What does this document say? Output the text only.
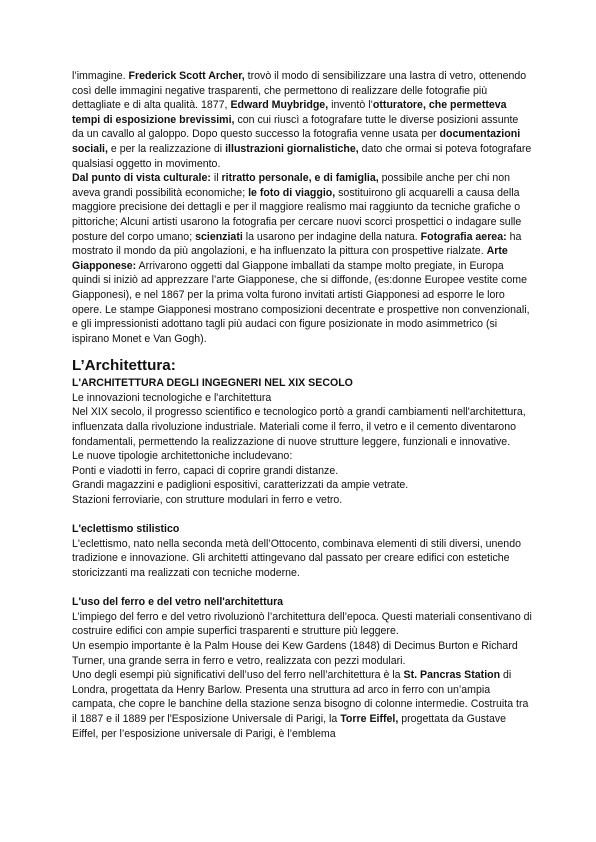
l’immagine. Frederick Scott Archer, trovò il modo di sensibilizzare una lastra di vetro, ottenendo così delle immagini negative trasparenti, che permettono di realizzare delle fotografie più dettagliate e di alta qualità. 1877, Edward Muybridge, inventò l’otturatore, che permetteva tempi di esposizione brevissimi, con cui riuscì a fotografare tutte le diverse posizioni assunte da un cavallo al galoppo. Dopo questo successo la fotografia venne usata per documentazioni sociali, e per la realizzazione di illustrazioni giornalistiche, dato che ormai si poteva fotografare qualsiasi oggetto in movimento.

Dal punto di vista culturale: il ritratto personale, e di famiglia, possibile anche per chi non aveva grandi possibilità economiche; le foto di viaggio, sostituirono gli acquarelli a causa della maggiore precisione dei dettagli e per il maggiore realismo mai raggiunto da tecniche grafiche o pittoriche; Alcuni artisti usarono la fotografia per cercare nuovi scorci prospettici o indagare sulle posture del corpo umano; scienziati la usarono per indagine della natura. Fotografia aerea: ha mostrato il mondo da più angolazioni, e ha influenzato la pittura con prospettive rialzate. Arte Giapponese: Arrivarono oggetti dal Giappone imballati da stampe molto pregiate, in Europa quindi si iniziò ad apprezzare l’arte Giapponese, che si diffonde, (es:donne Europee vestite come Giapponesi), e nel 1867 per la prima volta furono invitati artisti Giapponesi ad esporre le loro opere. Le stampe Giapponesi mostrano composizioni decentrate e prospettive non convenzionali, e gli impressionisti adottano tagli più audaci con figure posizionate in modo asimmetrico (si ispirano Monet e Van Gogh).

L’Architettura:
L'ARCHITETTURA DEGLI INGEGNERI NEL XIX SECOLO
Le innovazioni tecnologiche e l'architettura
Nel XIX secolo, il progresso scientifico e tecnologico portò a grandi cambiamenti nell'architettura, influenzata dalla rivoluzione industriale. Materiali come il ferro, il vetro e il cemento diventarono fondamentali, permettendo la realizzazione di nuove strutture leggere, funzionali e innovative.
Le nuove tipologie architettoniche includevano:
Ponti e viadotti in ferro, capaci di coprire grandi distanze.
Grandi magazzini e padiglioni espositivi, caratterizzati da ampie vetrate.
Stazioni ferroviarie, con strutture modulari in ferro e vetro.
L'eclettismo stilistico
L'eclettismo, nato nella seconda metà dell’Ottocento, combinava elementi di stili diversi, unendo tradizione e innovazione. Gli architetti attingevano dal passato per creare edifici con estetiche storicizzanti ma realizzati con tecniche moderne.
L'uso del ferro e del vetro nell'architettura
L’impiego del ferro e del vetro rivoluzionò l’architettura dell’epoca. Questi materiali consentivano di costruire edifici con ampie superfici trasparenti e strutture più leggere.
Un esempio importante è la Palm House dei Kew Gardens (1848) di Decimus Burton e Richard Turner, una grande serra in ferro e vetro, realizzata con pezzi modulari.

Uno degli esempi più significativi dell’uso del ferro nell’architettura è la St. Pancras Station di Londra, progettata da Henry Barlow. Presenta una struttura ad arco in ferro con un’ampia campata, che copre le banchine della stazione senza bisogno di colonne intermedie. Costruita tra il 1887 e il 1889 per l'Esposizione Universale di Parigi, la Torre Eiffel, progettata da Gustave Eiffel, per l’esposizione universale di Parigi, è l’emblema
